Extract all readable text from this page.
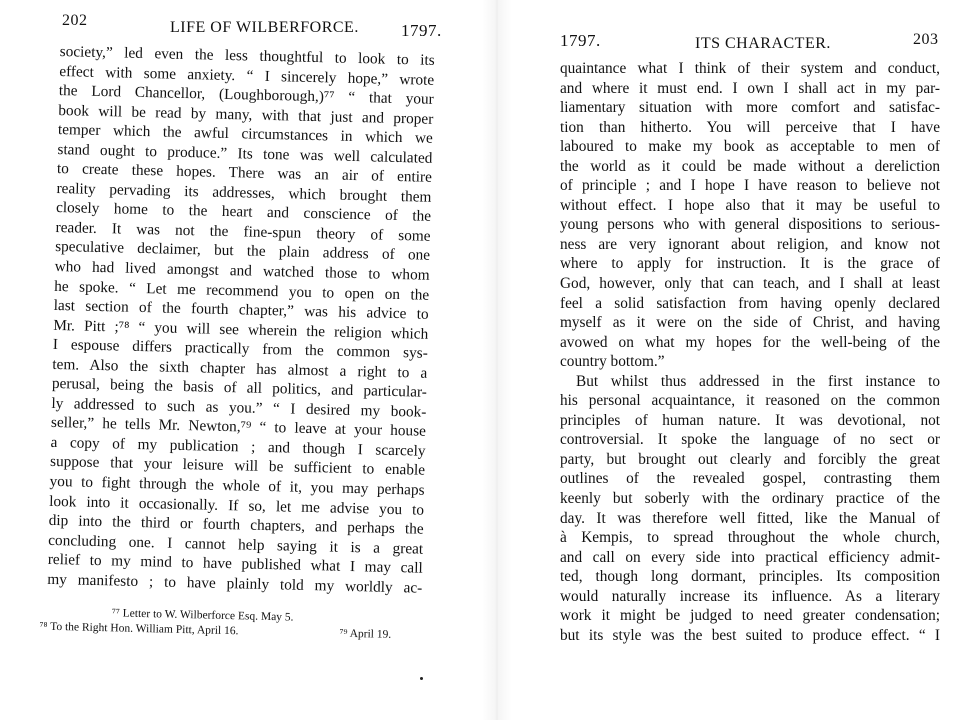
202	LIFE OF WILBERFORCE. 1797.
society,” led even the less thoughtful to look to its
effect with some anxiety. “ I sincerely hope,” wrote
the Lord Chancellor, (Loughborough,)⁷⁷ “ that your
book will be read by many, with that just and proper
temper which the awful circumstances in which we
stand ought to produce.” Its tone was well calculated
to create these hopes. There was an air of entire
reality pervading its addresses, which brought them
closely home to the heart and conscience of the
reader. It was not the fine-spun theory of some
speculative declaimer, but the plain address of one
who had lived amongst and watched those to whom
he spoke. “ Let me recommend you to open on the
last section of the fourth chapter,” was his advice to
Mr. Pitt ;⁷⁸ “ you will see wherein the religion which
I espouse differs practically from the common sys-
tem. Also the sixth chapter has almost a right to a
perusal, being the basis of all politics, and particular-
ly addressed to such as you.” “ I desired my book-
seller,” he tells Mr. Newton,⁷⁹ “ to leave at your house
a copy of my publication ; and though I scarcely
suppose that your leisure will be sufficient to enable
you to fight through the whole of it, you may perhaps
look into it occasionally. If so, let me advise you to
dip into the third or fourth chapters, and perhaps the
concluding one. I cannot help saying it is a great
relief to my mind to have published what I may call
my manifesto ; to have plainly told my worldly ac-
⁷⁷ Letter to W. Wilberforce Esq. May 5.
⁷⁸ To the Right Hon. William Pitt, April 16.	⁷⁹ April 19.
1797.	ITS CHARACTER.	203
quaintance what I think of their system and conduct,
and where it must end. I own I shall act in my par-
liamentary situation with more comfort and satisfac-
tion than hitherto. You will perceive that I have
laboured to make my book as acceptable to men of
the world as it could be made without a dereliction
of principle ; and I hope I have reason to believe not
without effect. I hope also that it may be useful to
young persons who with general dispositions to serious-
ness are very ignorant about religion, and know not
where to apply for instruction. It is the grace of
God, however, only that can teach, and I shall at least
feel a solid satisfaction from having openly declared
myself as it were on the side of Christ, and having
avowed on what my hopes for the well-being of the
country bottom.”
But whilst thus addressed in the first instance to
his personal acquaintance, it reasoned on the common
principles of human nature. It was devotional, not
controversial. It spoke the language of no sect or
party, but brought out clearly and forcibly the great
outlines of the revealed gospel, contrasting them
keenly but soberly with the ordinary practice of the
day. It was therefore well fitted, like the Manual of
à Kempis, to spread throughout the whole church,
and call on every side into practical efficiency admit-
ted, though long dormant, principles. Its composition
would naturally increase its influence. As a literary
work it might be judged to need greater condensation;
but its style was the best suited to produce effect. “ I
